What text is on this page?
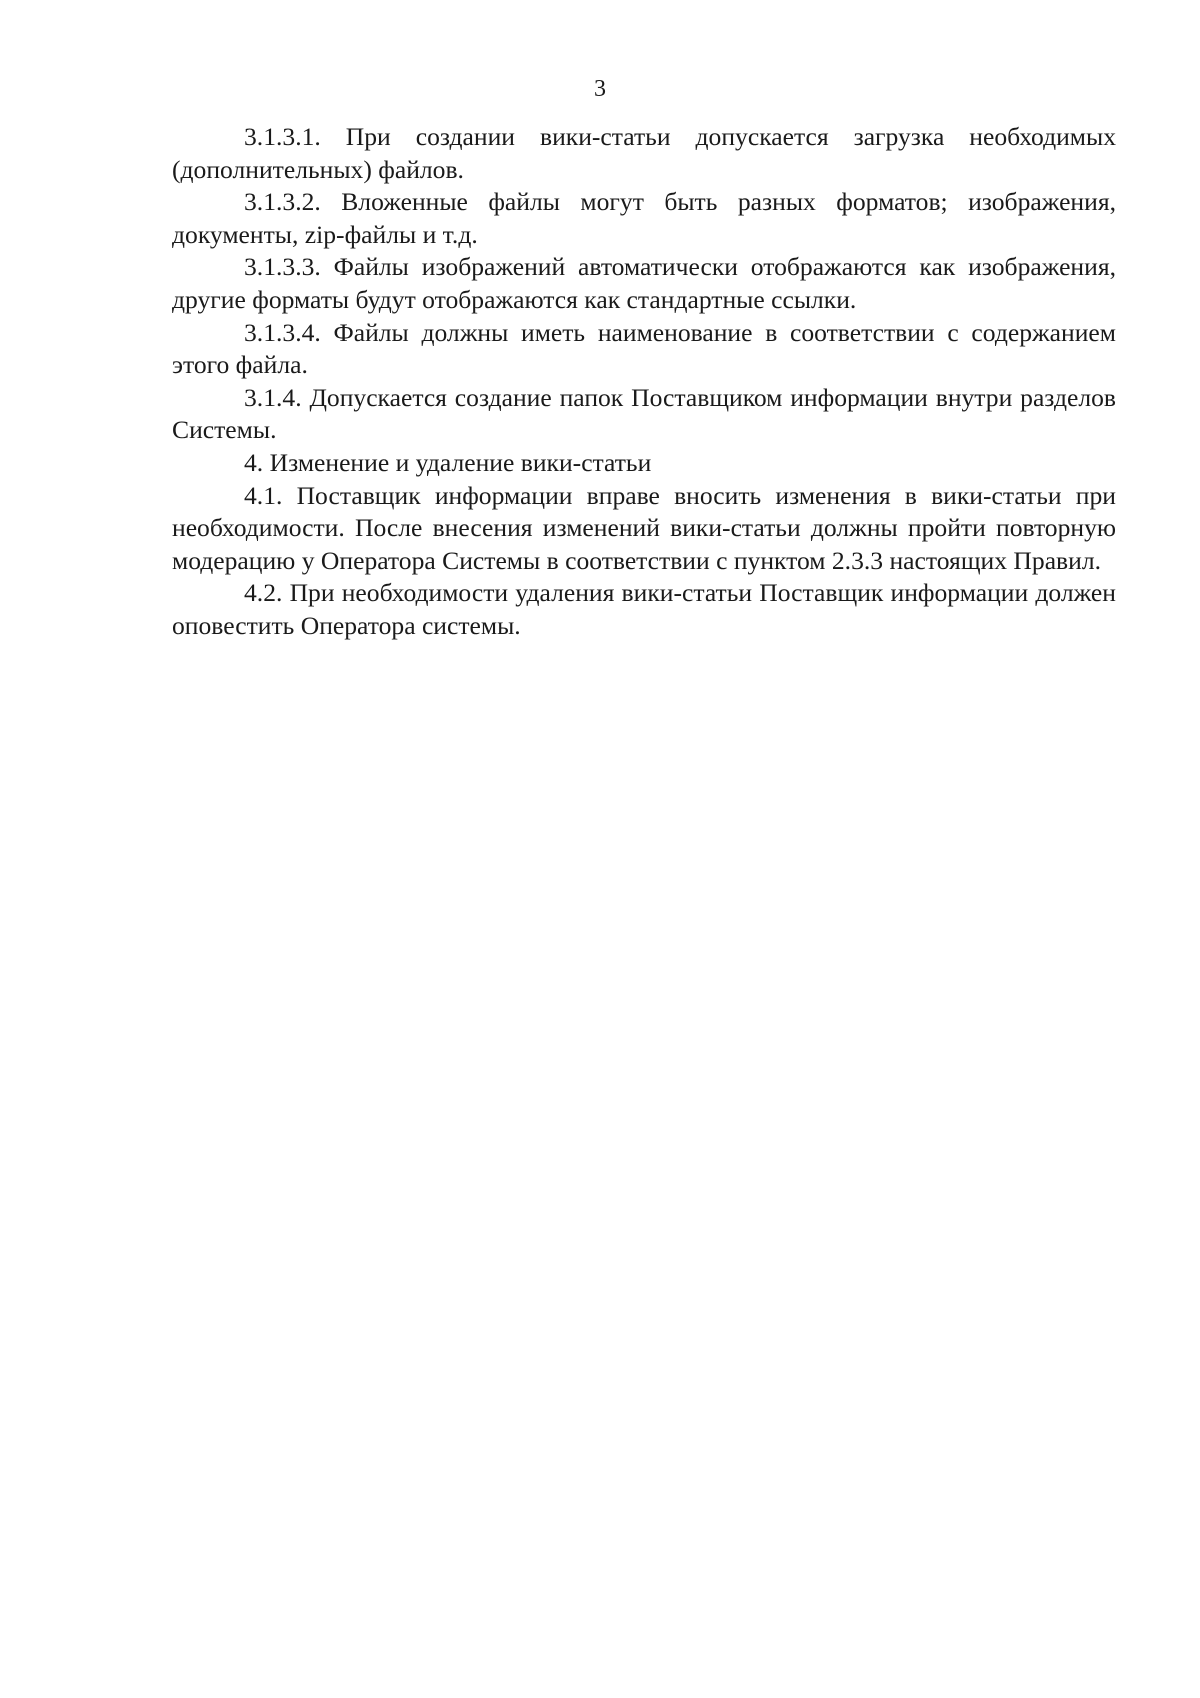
3

3.1.3.1. При создании вики-статьи допускается загрузка необходимых (дополнительных) файлов.

3.1.3.2. Вложенные файлы могут быть разных форматов; изображения, документы, zip-файлы и т.д.

3.1.3.3. Файлы изображений автоматически отображаются как изображения, другие форматы будут отображаются как стандартные ссылки.

3.1.3.4. Файлы должны иметь наименование в соответствии с содержанием этого файла.

3.1.4. Допускается создание папок Поставщиком информации внутри разделов Системы.

4. Изменение и удаление вики-статьи

4.1. Поставщик информации вправе вносить изменения в вики-статьи при необходимости. После внесения изменений вики-статьи должны пройти повторную модерацию у Оператора Системы в соответствии с пунктом 2.3.3 настоящих Правил.

4.2. При необходимости удаления вики-статьи Поставщик информации должен оповестить Оператора системы.
